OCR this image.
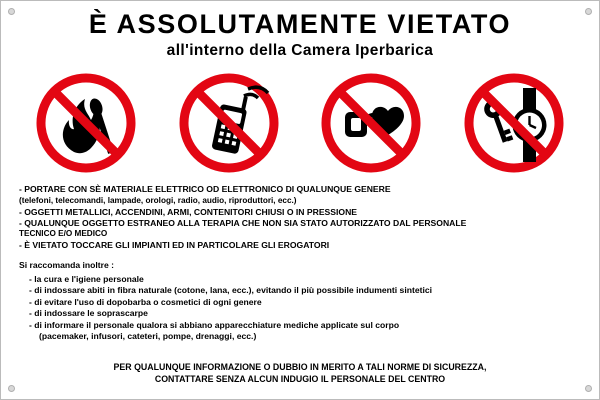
È ASSOLUTAMENTE VIETATO
all'interno della Camera Iperbarica
- PORTARE CON SÈ MATERIALE ELETTRICO OD ELETTRONICO DI QUALUNQUE GENERE
(telefoni, telecomandi, lampade, orologi, radio, audio, riproduttori, ecc.)
- OGGETTI METALLICI, ACCENDINI, ARMI, CONTENITORI CHIUSI O IN PRESSIONE
- QUALUNQUE OGGETTO ESTRANEO ALLA TERAPIA CHE NON SIA STATO AUTORIZZATO DAL PERSONALE
TECNICO E/O MEDICO
- È VIETATO TOCCARE GLI IMPIANTI ED IN PARTICOLARE GLI EROGATORI
Si raccomanda inoltre :
- la cura e l'igiene personale
- di indossare abiti in fibra naturale (cotone, lana, ecc.), evitando il più possibile indumenti sintetici
- di evitare l'uso di dopobarba o cosmetici di ogni genere
- di indossare le soprascarpe
- di informare il personale qualora si abbiano apparecchiature mediche applicate sul corpo
(pacemaker, infusori, cateteri, pompe, drenaggi, ecc.)
PER QUALUNQUE INFORMAZIONE O DUBBIO IN MERITO A TALI NORME DI SICUREZZA,
CONTATTARE SENZA ALCUN INDUGIO IL PERSONALE DEL CENTRO
